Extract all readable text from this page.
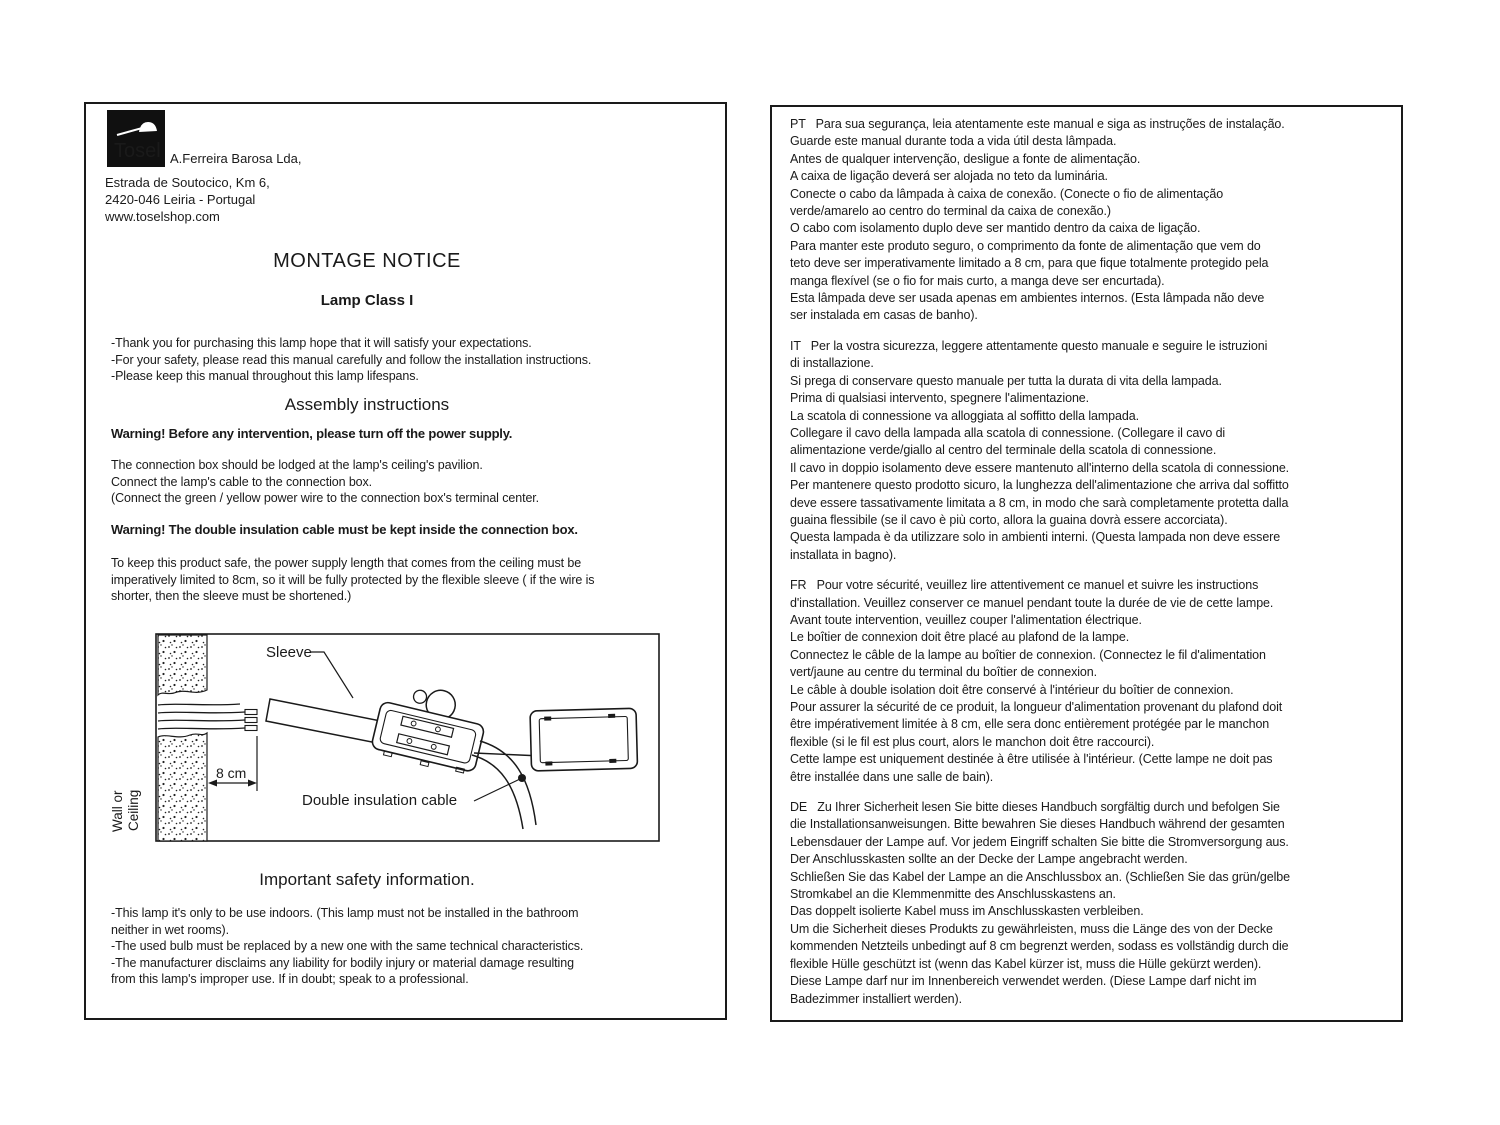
Tosel A.Ferreira Barosa Lda,
Estrada de Soutocico, Km 6,
2420-046 Leiria - Portugal
www.toselshop.com
MONTAGE NOTICE
Lamp Class I
-Thank you for purchasing this lamp hope that it will satisfy your expectations.
-For your safety, please read this manual carefully and follow the installation instructions.
-Please keep this manual throughout this lamp lifespans.
Assembly instructions
Warning! Before any intervention, please turn off the power supply.
The connection box should be lodged at the lamp's ceiling's pavilion.
Connect the lamp's cable to the connection box.
(Connect the green / yellow power wire to the connection box's terminal center.
Warning! The double insulation cable must be kept inside the connection box.
To keep this product safe, the power supply length that comes from the ceiling must be
imperatively limited to 8cm, so it will be fully protected by the flexible sleeve ( if the wire is
shorter, then the sleeve must be shortened.)
8 cm
Wall or Ceiling
Sleeve
Double insulation cable
Important safety information.
-This lamp it's only to be use indoors. (This lamp must not be installed in the bathroom
neither in wet rooms).
-The used bulb must be replaced by a new one with the same technical characteristics.
-The manufacturer disclaims any liability for bodily injury or material damage resulting
from this lamp's improper use. If in doubt; speak to a professional.
PT   Para sua segurança, leia atentamente este manual e siga as instruções de instalação.
Guarde este manual durante toda a vida útil desta lâmpada.
Antes de qualquer intervenção, desligue a fonte de alimentação.
A caixa de ligação deverá ser alojada no teto da luminária.
Conecte o cabo da lâmpada à caixa de conexão. (Conecte o fio de alimentação
verde/amarelo ao centro do terminal da caixa de conexão.)
O cabo com isolamento duplo deve ser mantido dentro da caixa de ligação.
Para manter este produto seguro, o comprimento da fonte de alimentação que vem do
teto deve ser imperativamente limitado a 8 cm, para que fique totalmente protegido pela
manga flexível (se o fio for mais curto, a manga deve ser encurtada).
Esta lâmpada deve ser usada apenas em ambientes internos. (Esta lâmpada não deve
ser instalada em casas de banho).
IT   Per la vostra sicurezza, leggere attentamente questo manuale e seguire le istruzioni
di installazione.
Si prega di conservare questo manuale per tutta la durata di vita della lampada.
Prima di qualsiasi intervento, spegnere l'alimentazione.
La scatola di connessione va alloggiata al soffitto della lampada.
Collegare il cavo della lampada alla scatola di connessione. (Collegare il cavo di
alimentazione verde/giallo al centro del terminale della scatola di connessione.
Il cavo in doppio isolamento deve essere mantenuto all'interno della scatola di connessione.
Per mantenere questo prodotto sicuro, la lunghezza dell'alimentazione che arriva dal soffitto
deve essere tassativamente limitata a 8 cm, in modo che sarà completamente protetta dalla
guaina flessibile (se il cavo è più corto, allora la guaina dovrà essere accorciata).
Questa lampada è da utilizzare solo in ambienti interni. (Questa lampada non deve essere
installata in bagno).
FR   Pour votre sécurité, veuillez lire attentivement ce manuel et suivre les instructions
d'installation. Veuillez conserver ce manuel pendant toute la durée de vie de cette lampe.
Avant toute intervention, veuillez couper l'alimentation électrique.
Le boîtier de connexion doit être placé au plafond de la lampe.
Connectez le câble de la lampe au boîtier de connexion. (Connectez le fil d'alimentation
vert/jaune au centre du terminal du boîtier de connexion.
Le câble à double isolation doit être conservé à l'intérieur du boîtier de connexion.
Pour assurer la sécurité de ce produit, la longueur d'alimentation provenant du plafond doit
être impérativement limitée à 8 cm, elle sera donc entièrement protégée par le manchon
flexible (si le fil est plus court, alors le manchon doit être raccourci).
Cette lampe est uniquement destinée à être utilisée à l'intérieur. (Cette lampe ne doit pas
être installée dans une salle de bain).
DE   Zu Ihrer Sicherheit lesen Sie bitte dieses Handbuch sorgfältig durch und befolgen Sie
die Installationsanweisungen. Bitte bewahren Sie dieses Handbuch während der gesamten
Lebensdauer der Lampe auf. Vor jedem Eingriff schalten Sie bitte die Stromversorgung aus.
Der Anschlusskasten sollte an der Decke der Lampe angebracht werden.
Schließen Sie das Kabel der Lampe an die Anschlussbox an. (Schließen Sie das grün/gelbe
Stromkabel an die Klemmenmitte des Anschlusskastens an.
Das doppelt isolierte Kabel muss im Anschlusskasten verbleiben.
Um die Sicherheit dieses Produkts zu gewährleisten, muss die Länge des von der Decke
kommenden Netzteils unbedingt auf 8 cm begrenzt werden, sodass es vollständig durch die
flexible Hülle geschützt ist (wenn das Kabel kürzer ist, muss die Hülle gekürzt werden).
Diese Lampe darf nur im Innenbereich verwendet werden. (Diese Lampe darf nicht im
Badezimmer installiert werden).
